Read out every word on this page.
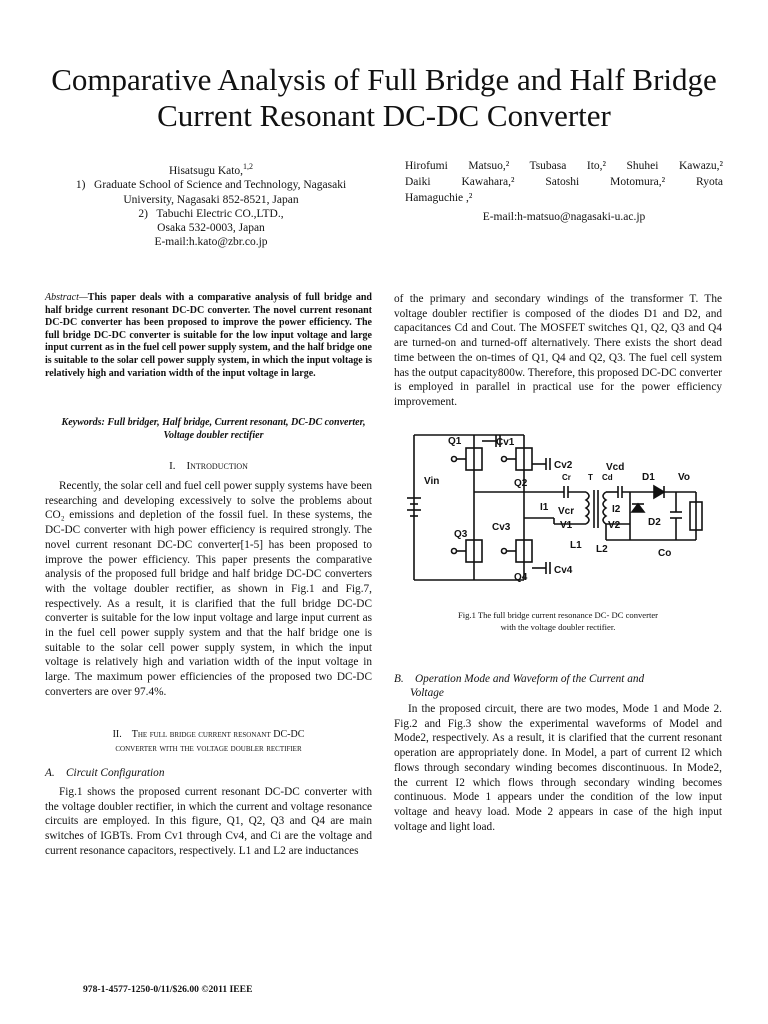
Comparative Analysis of Full Bridge and Half Bridge Current Resonant DC-DC Converter
Hisatsugu Kato,$^{1,2}$
1)   Graduate School of Science and Technology, Nagasaki
University, Nagasaki 852-8521, Japan
2)   Tabuchi Electric CO.,LTD.,
Osaka 532-0003, Japan
E-mail:h.kato@zbr.co.jp
Hirofumi Matsuo,² Tsubasa Ito,² Shuhei Kawazu,²
Daiki Kawahara,² Satoshi Motomura,² Ryota
Hamaguchie ,²
E-mail:h-matsuo@nagasaki-u.ac.jp
Abstract—This paper deals with a comparative analysis of full bridge and half bridge current resonant DC-DC converter. The novel current resonant DC-DC converter has been proposed to improve the power efficiency. The full bridge DC-DC converter is suitable for the low input voltage and large input current as in the fuel cell power supply system, and the half bridge one is suitable to the solar cell power supply system, in which the input voltage is relatively high and variation width of the input voltage in large.
Keywords: Full bridger, Half bridge, Current resonant, DC-DC converter, Voltage doubler rectifier
I. Introduction
Recently, the solar cell and fuel cell power supply systems have been researching and developing excessively to solve the problems about CO₂ emissions and depletion of the fossil fuel. In these systems, the DC-DC converter with high power efficiency is required strongly. The novel current resonant DC-DC converter[1-5] has been proposed to improve the power efficiency. This paper presents the comparative analysis of the proposed full bridge and half bridge DC-DC converters with the voltage doubler rectifier, as shown in Fig.1 and Fig.7, respectively. As a result, it is clarified that the full bridge DC-DC converter is suitable for the low input voltage and large input current as in the fuel cell power supply system and that the half bridge one is suitable to the solar cell power supply system, in which the input voltage is relatively high and variation width of the input voltage in large. The maximum power efficiencies of the proposed two DC-DC converters are over 97.4%.
II. The full bridge current resonant DC-DC
converter with the voltage doubler rectifier
A.    Circuit Configuration
Fig.1 shows the proposed current resonant DC-DC converter with the voltage doubler rectifier, in which the current and voltage resonance circuits are employed. In this figure, Q1, Q2, Q3 and Q4 are main switches of IGBTs. From Cv1 through Cv4, and Ci are the voltage and current resonance capacitors, respectively. L1 and L2 are inductances
of the primary and secondary windings of the transformer T. The voltage doubler rectifier is composed of the diodes D1 and D2, and capacitances Cd and Cout. The MOSFET switches Q1, Q2, Q3 and Q4 are turned-on and turned-off alternatively. There exists the short dead time between the on-times of Q1, Q4 and Q2, Q3. The fuel cell system has the output capacity800w. Therefore, this proposed DC-DC converter is employed in parallel in practical use for the power efficiency improvement.
Vin
Q1	Cv1
Cv2
Q2
Q3
Cv3
Q4
Cv4
Vcd
D1 Vo
D2
Co
Cr T Cd
I1	I2
Vcr
V1	V2
L1 L2
Fig.1 The full bridge current resonance DC- DC converter
with the voltage doubler rectifier.
B.    Operation Mode and Waveform of the Current and
Voltage
In the proposed circuit, there are two modes, Mode 1 and Mode 2. Fig.2 and Fig.3 show the experimental waveforms of Model and Mode2, respectively. As a result, it is clarified that the current resonant operation are appropriately done. In Model, a part of current I2 which flows through secondary winding becomes discontinuous. In Mode2, the current I2 which flows through secondary winding becomes continuous. Mode 1 appears under the condition of the low input voltage and heavy load. Mode 2 appears in case of the high input voltage and light load.
978-1-4577-1250-0/11/$26.00 ©2011 IEEE
